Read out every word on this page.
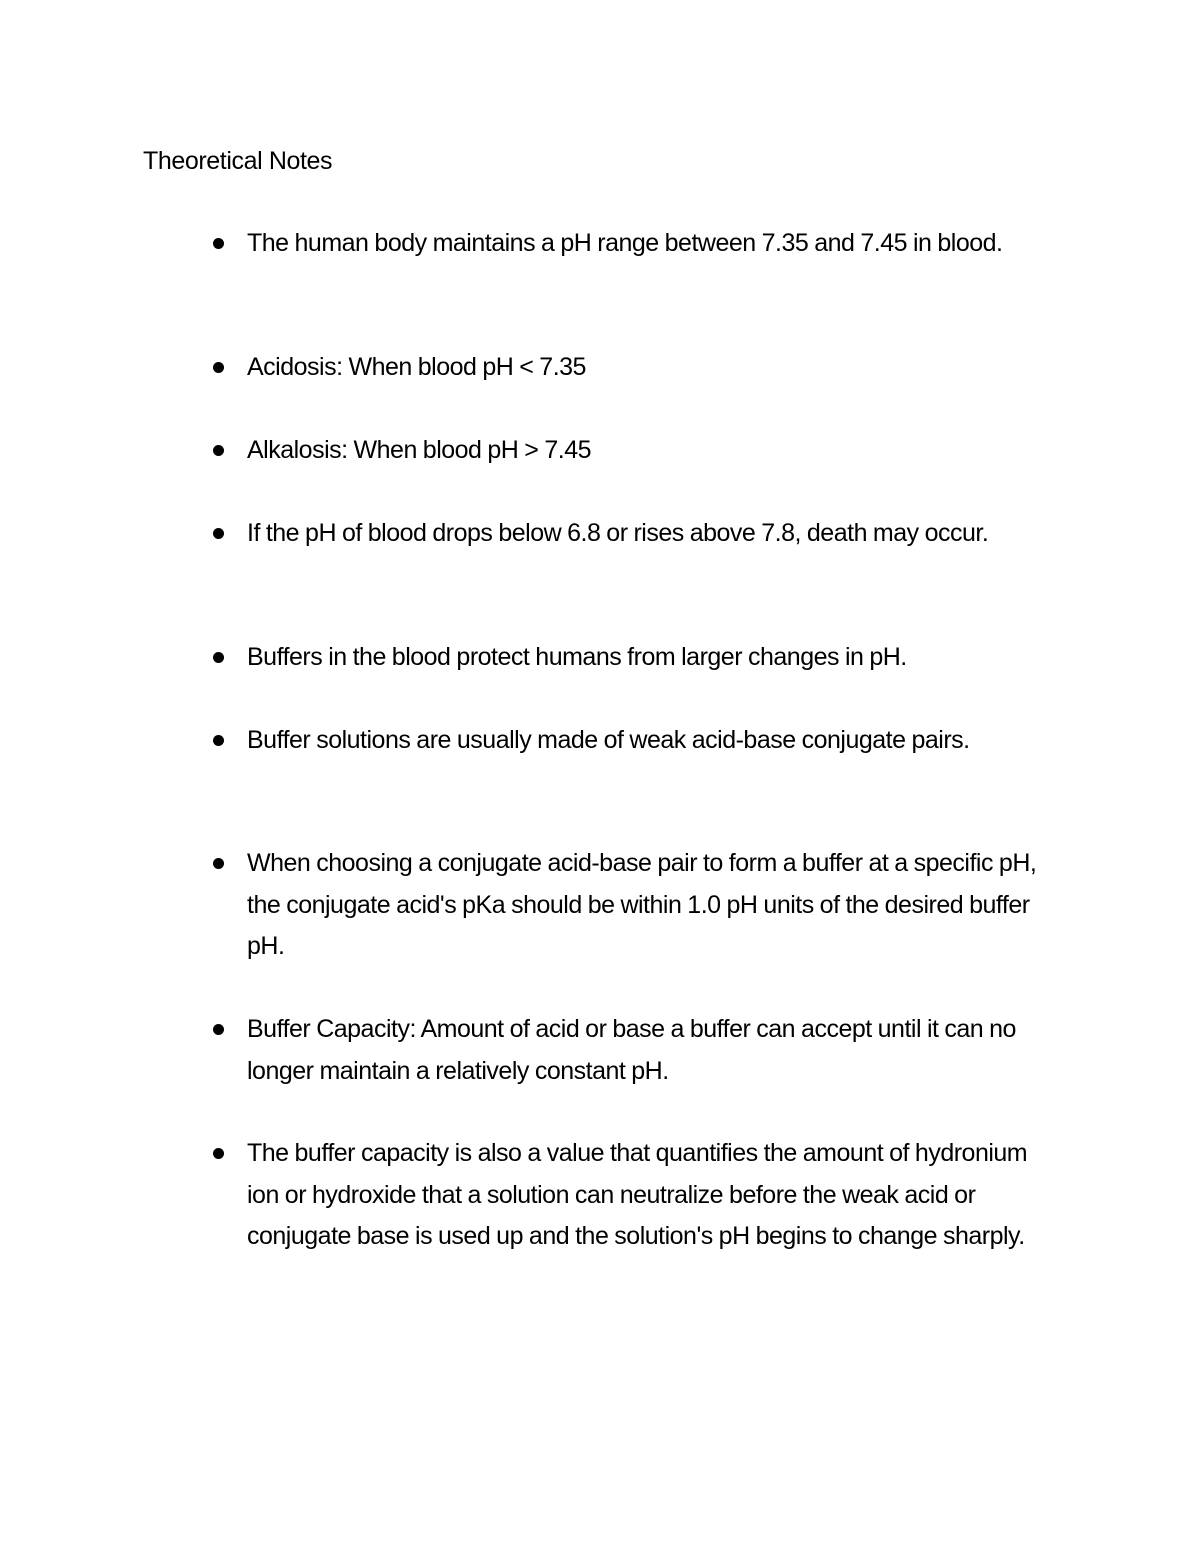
Theoretical Notes
The human body maintains a pH range between 7.35 and 7.45 in blood.
Acidosis: When blood pH < 7.35
Alkalosis: When blood pH > 7.45
If the pH of blood drops below 6.8 or rises above 7.8, death may occur.
Buffers in the blood protect humans from larger changes in pH.
Buffer solutions are usually made of weak acid-base conjugate pairs.
When choosing a conjugate acid-base pair to form a buffer at a specific pH, the conjugate acid's pKa should be within 1.0 pH units of the desired buffer pH.
Buffer Capacity: Amount of acid or base a buffer can accept until it can no longer maintain a relatively constant pH.
The buffer capacity is also a value that quantifies the amount of hydronium ion or hydroxide that a solution can neutralize before the weak acid or conjugate base is used up and the solution's pH begins to change sharply.
